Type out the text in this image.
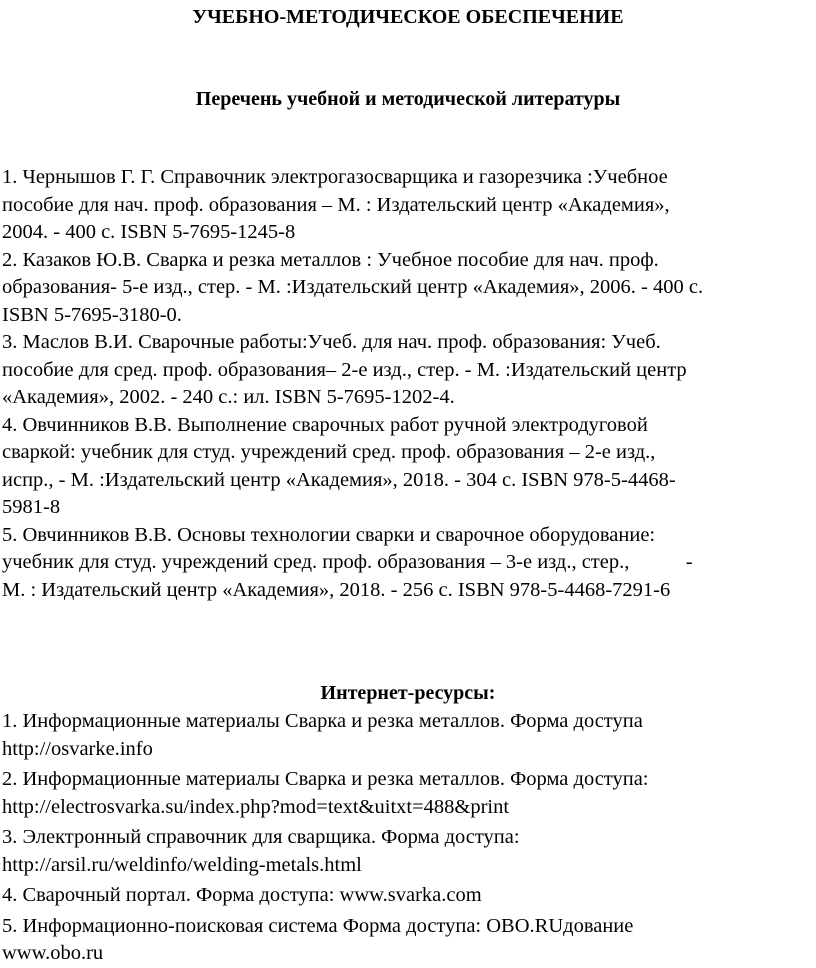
УЧЕБНО-МЕТОДИЧЕСКОЕ ОБЕСПЕЧЕНИЕ
Перечень учебной и методической литературы
1. Чернышов Г. Г. Справочник электрогазосварщика и газорезчика :Учебное
пособие для нач. проф. образования – М. : Издательский центр «Академия»,
2004. - 400 с. ISBN 5-7695-1245-8
2. Казаков Ю.В. Сварка и резка металлов : Учебное пособие для нач. проф.
образования- 5-е изд., стер. - М. :Издательский центр «Академия», 2006. - 400 с.
ISBN 5-7695-3180-0.
3. Маслов В.И. Сварочные работы:Учеб. для нач. проф. образования: Учеб.
пособие для сред. проф. образования– 2-е изд., стер. - М. :Издательский центр
«Академия», 2002. - 240 с.: ил. ISBN 5-7695-1202-4.
4. Овчинников В.В. Выполнение сварочных работ ручной электродуговой
сваркой: учебник для студ. учреждений сред. проф. образования – 2-е изд.,
испр., - М. :Издательский центр «Академия», 2018. - 304 с. ISBN 978-5-4468-
5981-8
5. Овчинников В.В. Основы технологии сварки и сварочное оборудование:
учебник для студ. учреждений сред. проф. образования – 3-е изд., стер.,           -
М. : Издательский центр «Академия», 2018. - 256 с. ISBN 978-5-4468-7291-6
Интернет-ресурсы:
1. Информационные материалы Сварка и резка металлов. Форма доступа
http://osvarke.info
2. Информационные материалы Сварка и резка металлов. Форма доступа:
http://electrosvarka.su/index.php?mod=text&uitxt=488&print
3. Электронный справочник для сварщика. Форма доступа:
http://arsil.ru/weldinfo/welding-metals.html
4. Сварочный портал. Форма доступа: www.svarka.com
5. Информационно-поисковая система Форма доступа: OBO.RUдование
www.obo.ru
